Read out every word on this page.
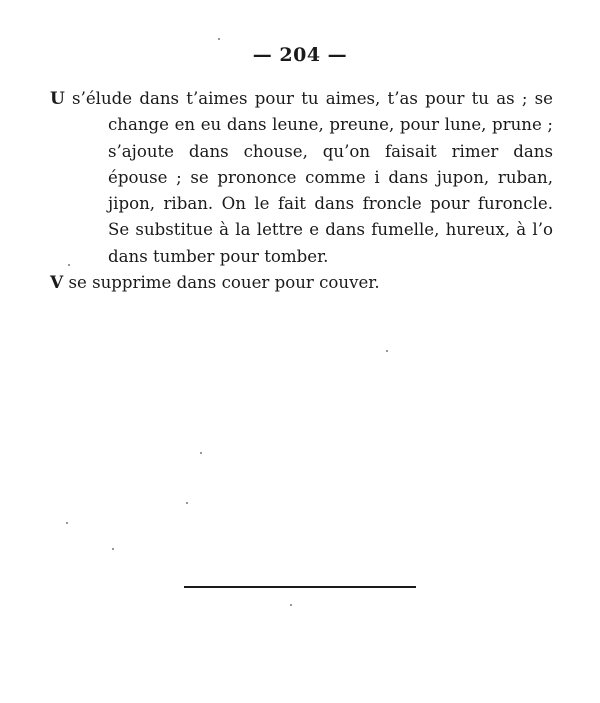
— 204 —

U s’élude dans t’aimes pour tu aimes, t’as pour tu as ; se change en eu dans leune, preune, pour lune, prune ; s’ajoute dans chouse, qu’on faisait rimer dans épouse ; se prononce comme i dans jupon, ruban, jipon, riban. On le fait dans froncle pour furoncle. Se substitue à la lettre e dans fumelle, hureux, à l’o dans tumber pour tomber.

V se supprime dans couer pour couver.
